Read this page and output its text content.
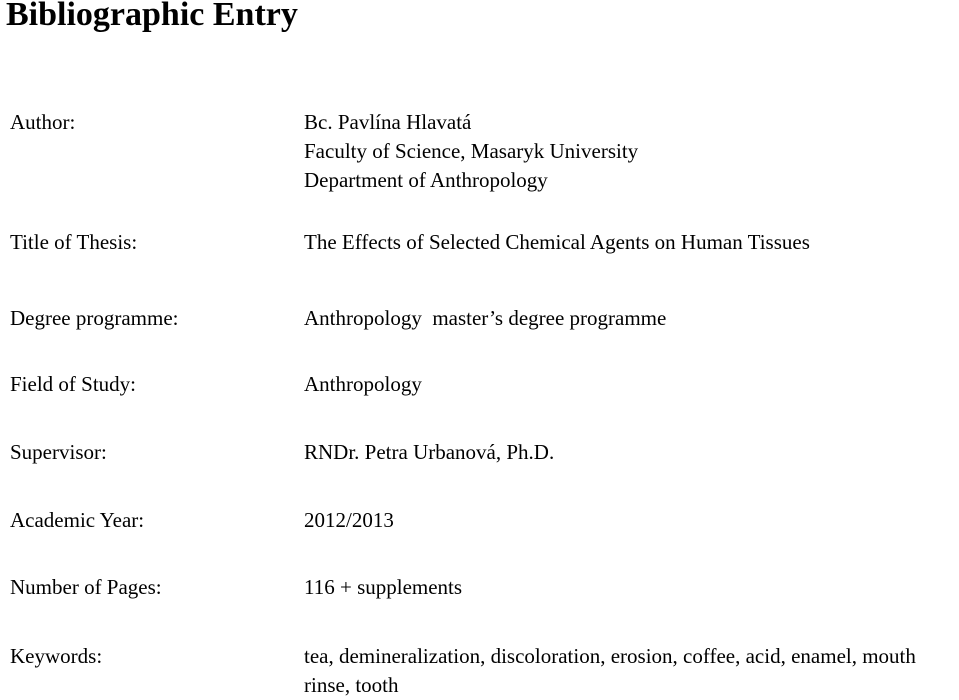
Bibliographic Entry
Author:	Bc. Pavlína Hlavatá
Faculty of Science, Masaryk University
Department of Anthropology
Title of Thesis:	The Effects of Selected Chemical Agents on Human Tissues
Degree programme:	Anthropology  master’s degree programme
Field of Study:	Anthropology
Supervisor:	RNDr. Petra Urbanová, Ph.D.
Academic Year:	2012/2013
Number of Pages:	116 + supplements
Keywords:	tea, demineralization, discoloration, erosion, coffee, acid, enamel, mouth rinse, tooth
